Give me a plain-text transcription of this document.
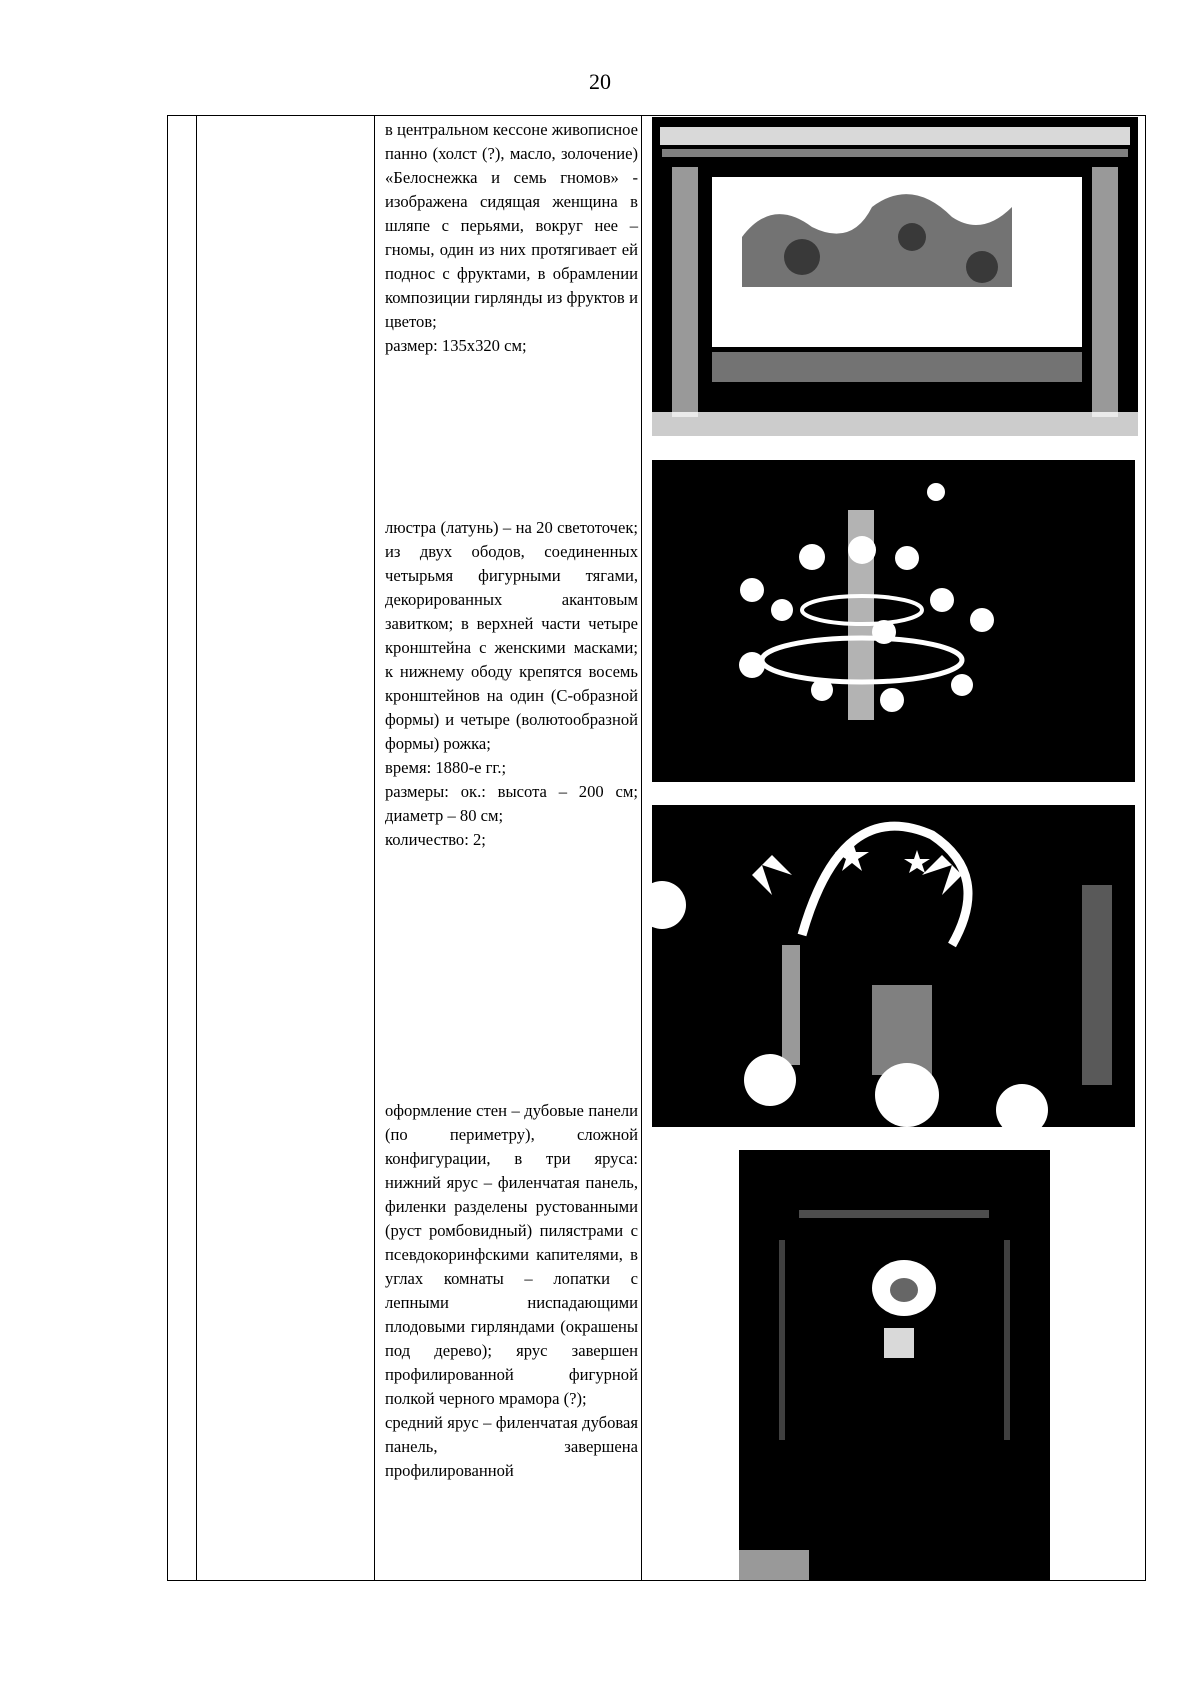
20

в центральном кессоне живописное панно (холст (?), масло, золочение) «Белоснежка и семь гномов» - изображена сидящая женщина в шляпе с перьями, вокруг нее – гномы, один из них протягивает ей поднос с фруктами, в обрамлении композиции гирлянды из фруктов и цветов;

размер: 135х320 см;

люстра (латунь) – на 20 светоточек; из двух ободов, соединенных четырьмя фигурными тягами, декорированных акантовым завитком; в верхней части четыре кронштейна с женскими масками; к нижнему ободу крепятся восемь кронштейнов на один (С-образной формы) и четыре (волютообразной формы) рожка;

время: 1880-е гг.;

размеры: ок.: высота – 200 см; диаметр – 80 см;

количество: 2;

оформление стен – дубовые панели (по периметру), сложной конфигурации, в три яруса: нижний ярус – филенчатая панель, филенки разделены рустованными (руст ромбовидный) пилястрами с псевдокоринфскими капителями, в углах комнаты – лопатки с лепными ниспадающими плодовыми гирляндами (окрашены под дерево); ярус завершен профилированной фигурной полкой черного мрамора (?);

средний ярус – филенчатая дубовая панель, завершена профилированной
